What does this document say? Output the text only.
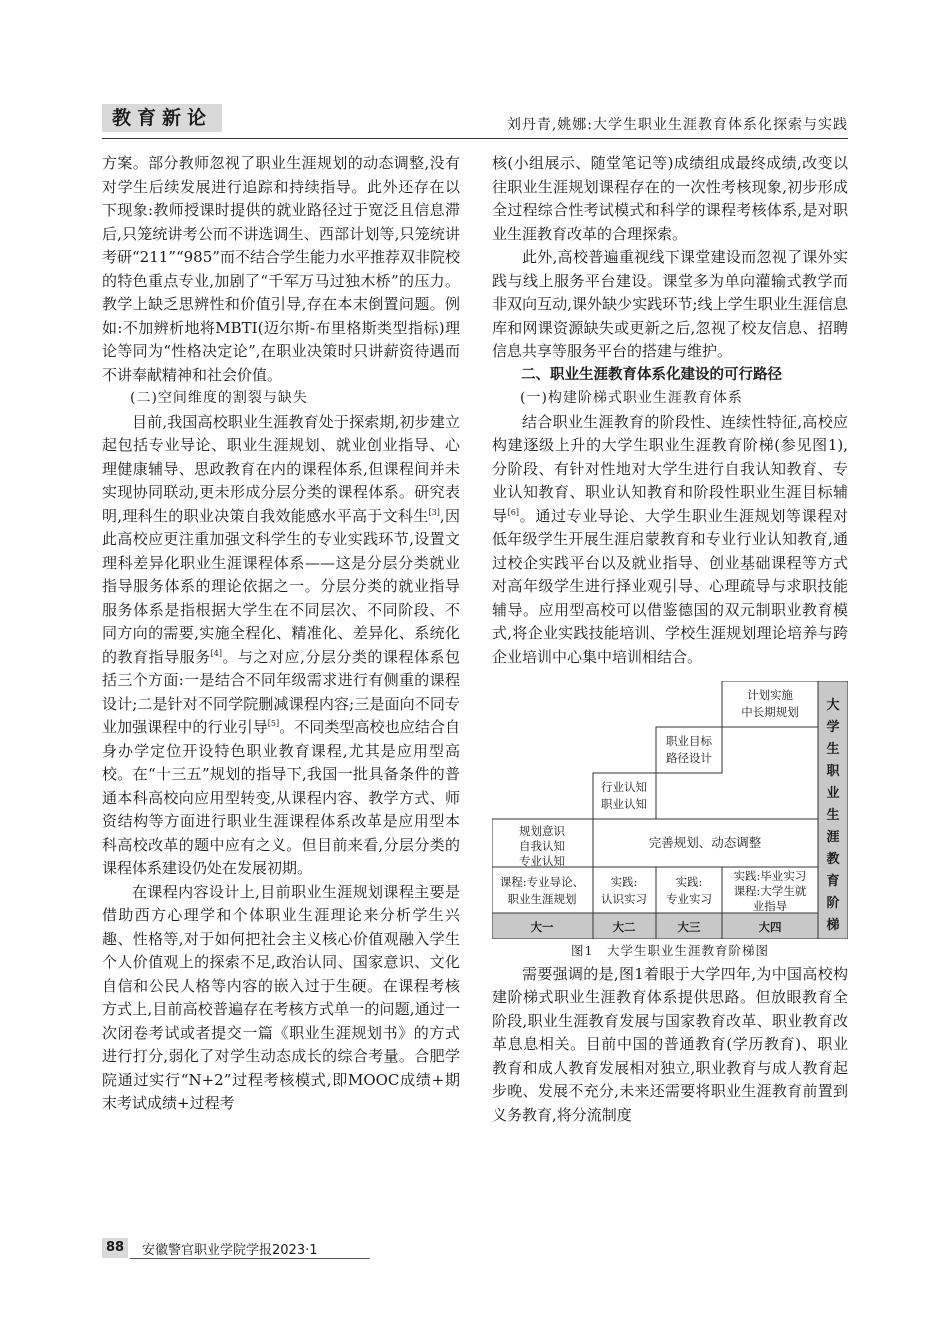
教育新论	刘丹青,姚娜:大学生职业生涯教育体系化探索与实践

方案。部分教师忽视了职业生涯规划的动态调整,没有对学生后续发展进行追踪和持续指导。此外还存在以下现象:教师授课时提供的就业路径过于宽泛且信息滞后,只笼统讲考公而不讲选调生、西部计划等,只笼统讲考研“211”“985”而不结合学生能力水平推荐双非院校的特色重点专业,加剧了“千军万马过独木桥”的压力。教学上缺乏思辨性和价值引导,存在本末倒置问题。例如:不加辨析地将MBTI(迈尔斯-布里格斯类型指标)理论等同为“性格决定论”,在职业决策时只讲薪资待遇而不讲奉献精神和社会价值。

(二)空间维度的割裂与缺失

目前,我国高校职业生涯教育处于探索期,初步建立起包括专业导论、职业生涯规划、就业创业指导、心理健康辅导、思政教育在内的课程体系,但课程间并未实现协同联动,更未形成分层分类的课程体系。研究表明,理科生的职业决策自我效能感水平高于文科生[3],因此高校应更注重加强文科学生的专业实践环节,设置文理科差异化职业生涯课程体系——这是分层分类就业指导服务体系的理论依据之一。分层分类的就业指导服务体系是指根据大学生在不同层次、不同阶段、不同方向的需要,实施全程化、精准化、差异化、系统化的教育指导服务[4]。与之对应,分层分类的课程体系包括三个方面:一是结合不同年级需求进行有侧重的课程设计;二是针对不同学院删减课程内容;三是面向不同专业加强课程中的行业引导[5]。不同类型高校也应结合自身办学定位开设特色职业教育课程,尤其是应用型高校。在“十三五”规划的指导下,我国一批具备条件的普通本科高校向应用型转变,从课程内容、教学方式、师资结构等方面进行职业生涯课程体系改革是应用型本科高校改革的题中应有之义。但目前来看,分层分类的课程体系建设仍处在发展初期。

在课程内容设计上,目前职业生涯规划课程主要是借助西方心理学和个体职业生涯理论来分析学生兴趣、性格等,对于如何把社会主义核心价值观融入学生个人价值观上的探索不足,政治认同、国家意识、文化自信和公民人格等内容的嵌入过于生硬。在课程考核方式上,目前高校普遍存在考核方式单一的问题,通过一次闭卷考试或者提交一篇《职业生涯规划书》的方式进行打分,弱化了对学生动态成长的综合考量。合肥学院通过实行“N+2”过程考核模式,即MOOC成绩+期末考试成绩+过程考

核(小组展示、随堂笔记等)成绩组成最终成绩,改变以往职业生涯规划课程存在的一次性考核现象,初步形成全过程综合性考试模式和科学的课程考核体系,是对职业生涯教育改革的合理探索。

此外,高校普遍重视线下课堂建设而忽视了课外实践与线上服务平台建设。课堂多为单向灌输式教学而非双向互动,课外缺少实践环节;线上学生职业生涯信息库和网课资源缺失或更新之后,忽视了校友信息、招聘信息共享等服务平台的搭建与维护。

二、职业生涯教育体系化建设的可行路径

(一)构建阶梯式职业生涯教育体系

结合职业生涯教育的阶段性、连续性特征,高校应构建逐级上升的大学生职业生涯教育阶梯(参见图1),分阶段、有针对性地对大学生进行自我认知教育、专业认知教育、职业认知教育和阶段性职业生涯目标辅导[6]。通过专业导论、大学生职业生涯规划等课程对低年级学生开展生涯启蒙教育和专业行业认知教育,通过校企实践平台以及就业指导、创业基础课程等方式对高年级学生进行择业观引导、心理疏导与求职技能辅导。应用型高校可以借鉴德国的双元制职业教育模式,将企业实践技能培训、学校生涯规划理论培养与跨企业培训中心集中培训相结合。

计划实施
中长期规划
职业目标
路径设计
行业认知
职业认知
规划意识
自我认知
专业认知
完善规划、动态调整
课程:专业导论、
职业生涯规划
实践:
认识实习
实践:
专业实习
实践:毕业实习
课程:大学生就
业指导
大一	大二	大三	大四
大
学
生
职
业
生
涯
教
育
阶
梯

图1　大学生职业生涯教育阶梯图

需要强调的是,图1着眼于大学四年,为中国高校构建阶梯式职业生涯教育体系提供思路。但放眼教育全阶段,职业生涯教育发展与国家教育改革、职业教育改革息息相关。目前中国的普通教育(学历教育)、职业教育和成人教育发展相对独立,职业教育与成人教育起步晚、发展不充分,未来还需要将职业生涯教育前置到义务教育,将分流制度

88	安徽警官职业学院学报2023·1
